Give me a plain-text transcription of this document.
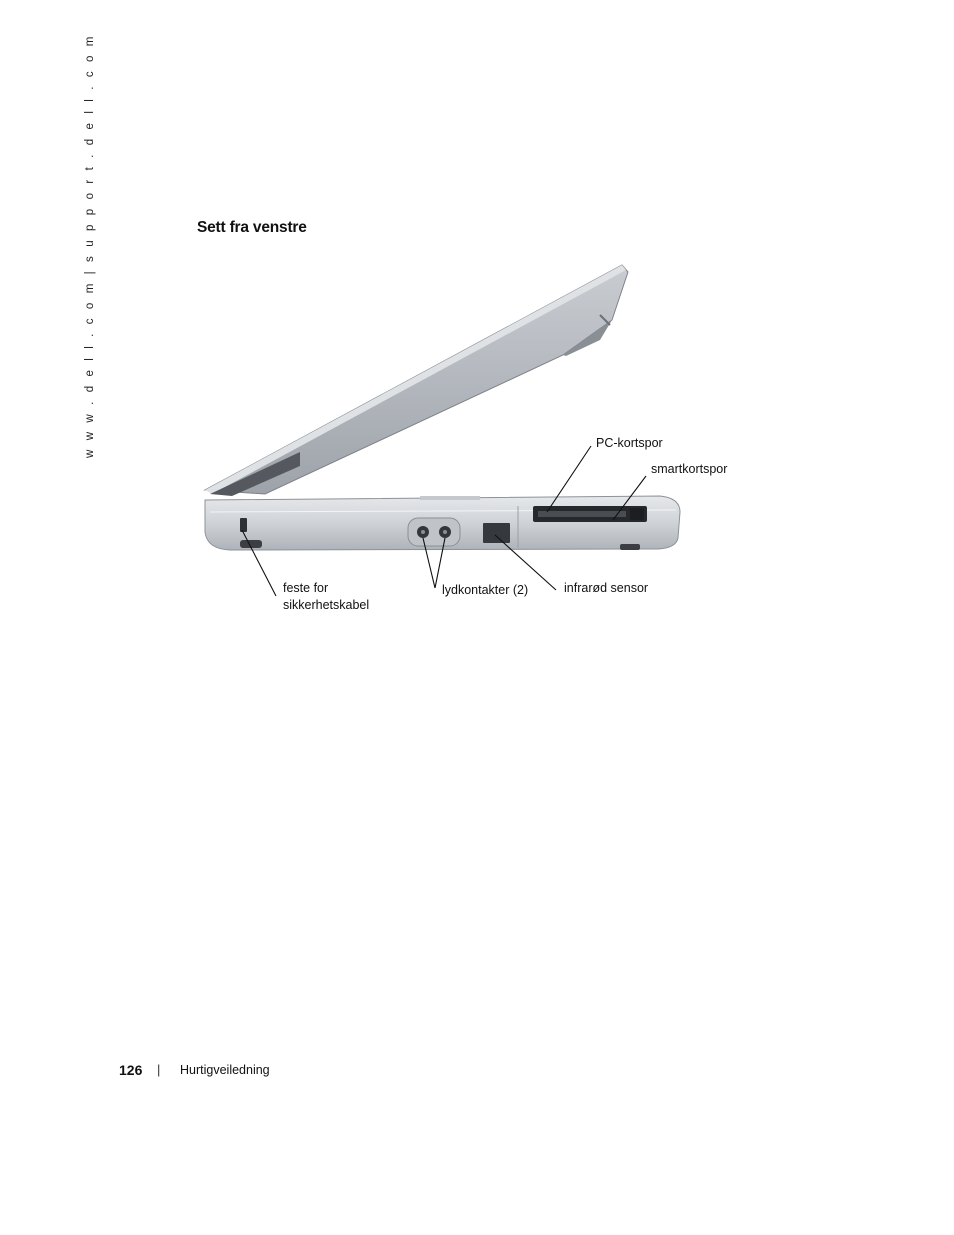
w w w . d e l l . c o m | s u p p o r t . d e l l . c o m	Sett fra venstre
PC-kortspor
smartkortspor
feste for
sikkerhetskabel
lydkontakter (2)	infrarød sensor
126 | Hurtigveiledning
